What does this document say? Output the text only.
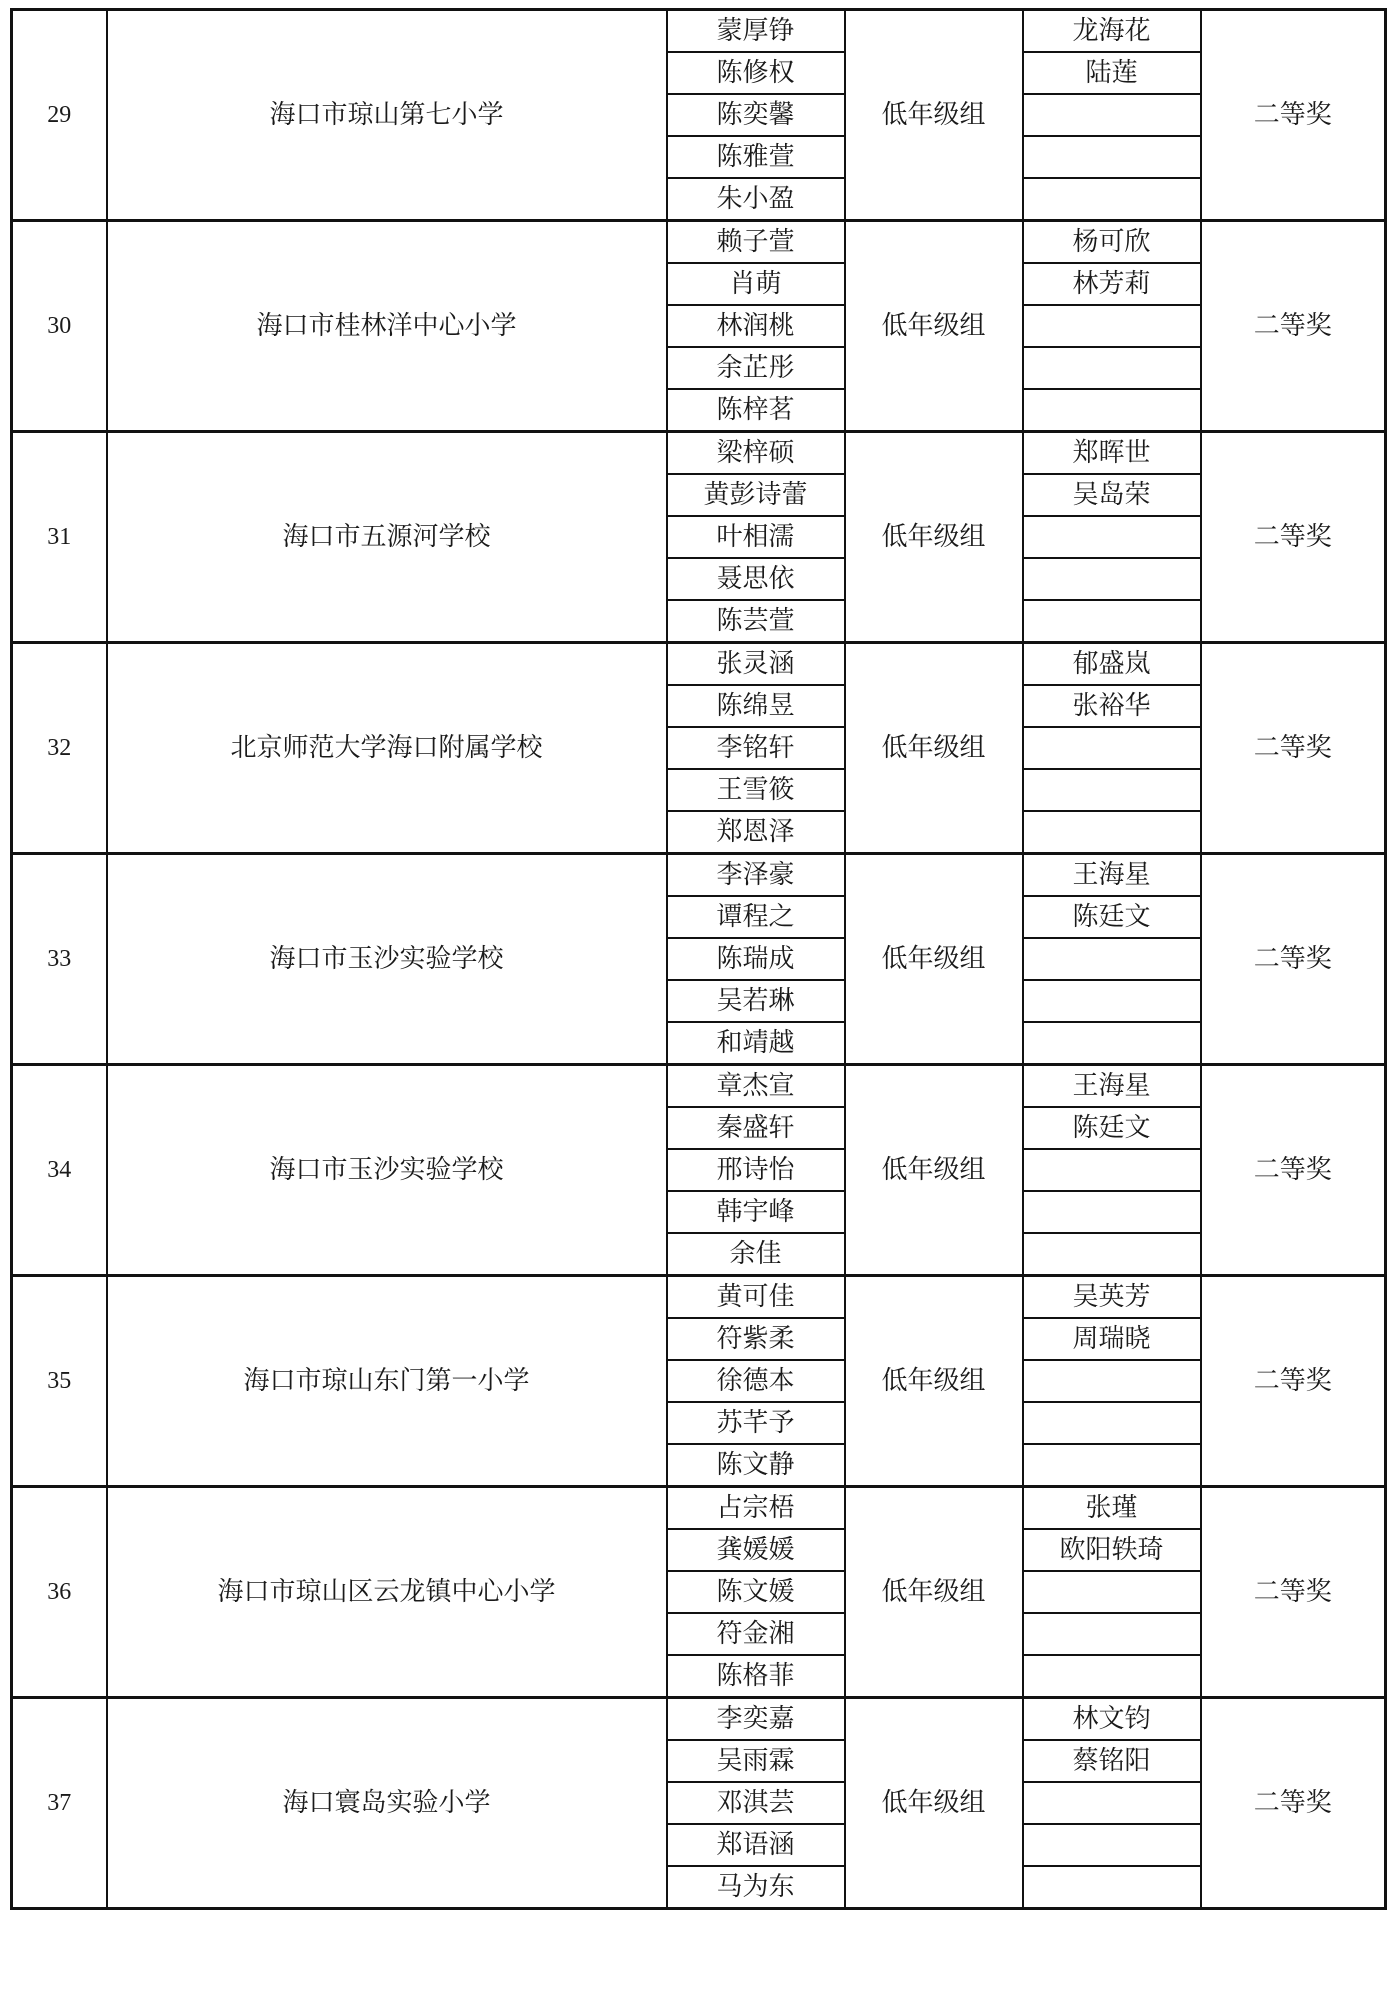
29	海口市琼山第七小学	蒙厚铮	低年级组	龙海花	二等奖
		陈修权		陆莲	
		陈奕馨			
		陈雅萱			
		朱小盈			
30	海口市桂林洋中心小学	赖子萱	低年级组	杨可欣	二等奖
		肖萌		林芳莉	
		林润桃			
		余芷彤			
		陈梓茗			
31	海口市五源河学校	梁梓硕	低年级组	郑晖世	二等奖
		黄彭诗蕾		吴岛荣	
		叶相濡			
		聂思依			
		陈芸萱			
32	北京师范大学海口附属学校	张灵涵	低年级组	郁盛岚	二等奖
		陈绵昱		张裕华	
		李铭轩			
		王雪筱			
		郑恩泽			
33	海口市玉沙实验学校	李泽豪	低年级组	王海星	二等奖
		谭程之		陈廷文	
		陈瑞成			
		吴若琳			
		和靖越			
34	海口市玉沙实验学校	章杰宣	低年级组	王海星	二等奖
		秦盛轩		陈廷文	
		邢诗怡			
		韩宇峰			
		余佳			
35	海口市琼山东门第一小学	黄可佳	低年级组	吴英芳	二等奖
		符紫柔		周瑞晓	
		徐德本			
		苏芊予			
		陈文静			
36	海口市琼山区云龙镇中心小学	占宗梧	低年级组	张瑾	二等奖
		龚媛媛		欧阳轶琦	
		陈文媛			
		符金湘			
		陈格菲			
37	海口寰岛实验小学	李奕嘉	低年级组	林文钧	二等奖
		吴雨霖		蔡铭阳	
		邓淇芸			
		郑语涵			
		马为东			
